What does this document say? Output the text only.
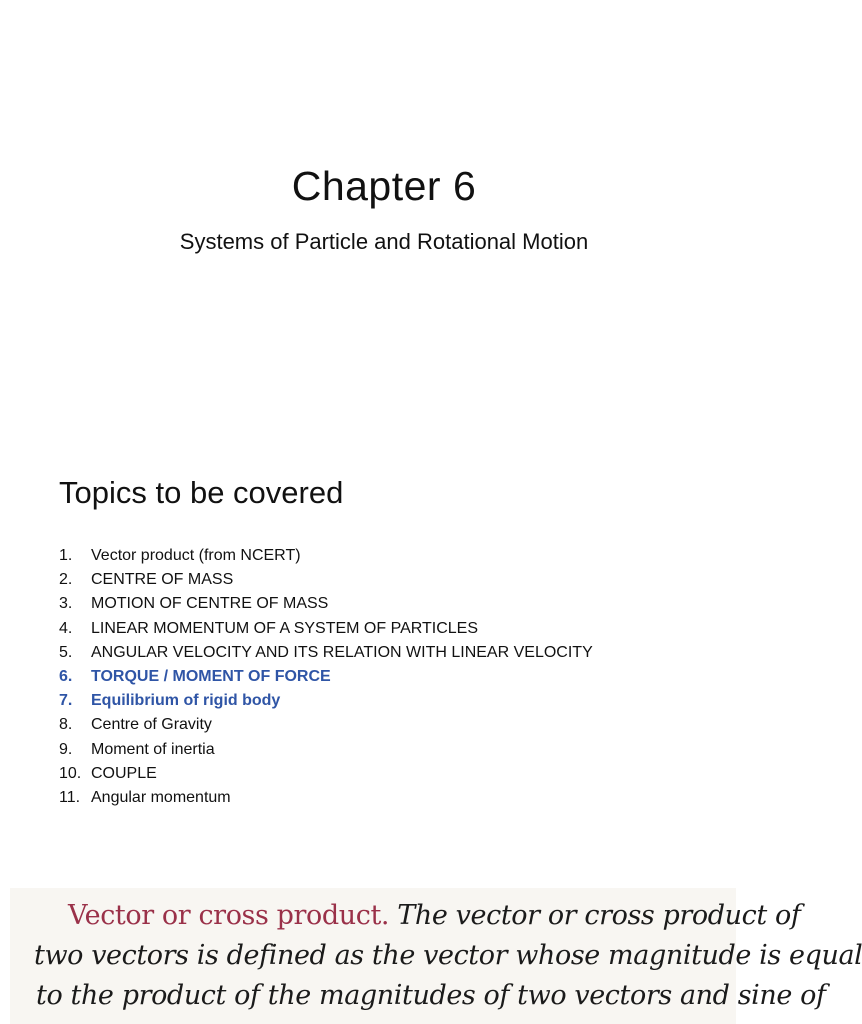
Chapter 6
Systems of Particle and Rotational Motion
Topics to be covered
1. Vector product (from NCERT)
2. CENTRE OF MASS
3. MOTION OF CENTRE OF MASS
4. LINEAR MOMENTUM OF A SYSTEM OF PARTICLES
5. ANGULAR VELOCITY AND ITS RELATION WITH LINEAR VELOCITY
6. TORQUE / MOMENT OF FORCE
7. Equilibrium of rigid body
8. Centre of Gravity
9. Moment of inertia
10. COUPLE
11. Angular momentum
Vector or cross product. The vector or cross product of
two vectors is defined as the vector whose magnitude is equal
to the product of the magnitudes of two vectors and sine of
